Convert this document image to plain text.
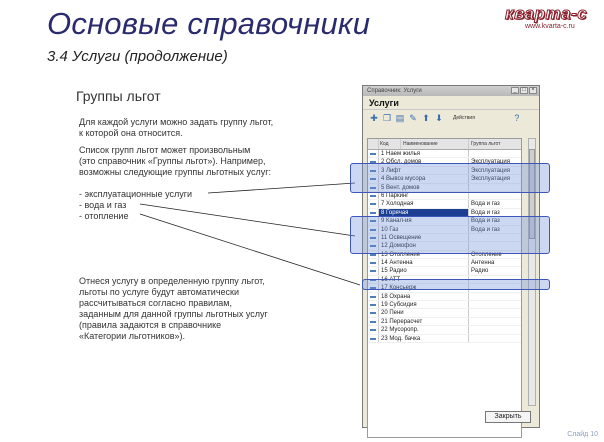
Основые справочники
3.4 Услуги (продолжение)
кварта-с
www.kvarta-c.ru
Группы льгот
Для каждой услуги можно задать группу льгот,
к которой она относится.
Список групп льгот может произвольным
(это справочник «Группы льгот»). Например,
возможны следующие группы льготных услуг:
- эксплуатационные услуги
- вода и газ
- отопление
Отнеся услугу в определенную группу льгот,
льготы по услуге будут автоматически
рассчитываться согласно правилам,
заданным для данной группы льготных услуг
(правила задаются в справочнике
«Категории льготников»).
Справочник: Услуги	_ □ ×
Услуги
✚ ❐ ▤ ✎ ⬆ ⬇ Действия	?
Код	Наименование	Группа льгот
1 Наем жилья
2 Обсл. домов	Эксплуатация
3 Лифт	Эксплуатация
4 Вывоз мусора	Эксплуатация
5 Вент. домов
6 Паркинг
7 Холодная	Вода и газ
8 Горячая	Вода и газ
9 Канал-ия	Вода и газ
10 Газ	Вода и газ
11 Освещение
12 Домофон
13 Отопление	Отопление
14 Антенна	Антенна
15 Радио	Радио
16 АТТ
17 Консьерж
18 Охрана
19 Субсидия
20 Пени
21 Перерасчет
22 Мусоропр.
23 Мод. бачка
Закрыть
Слайд 10
